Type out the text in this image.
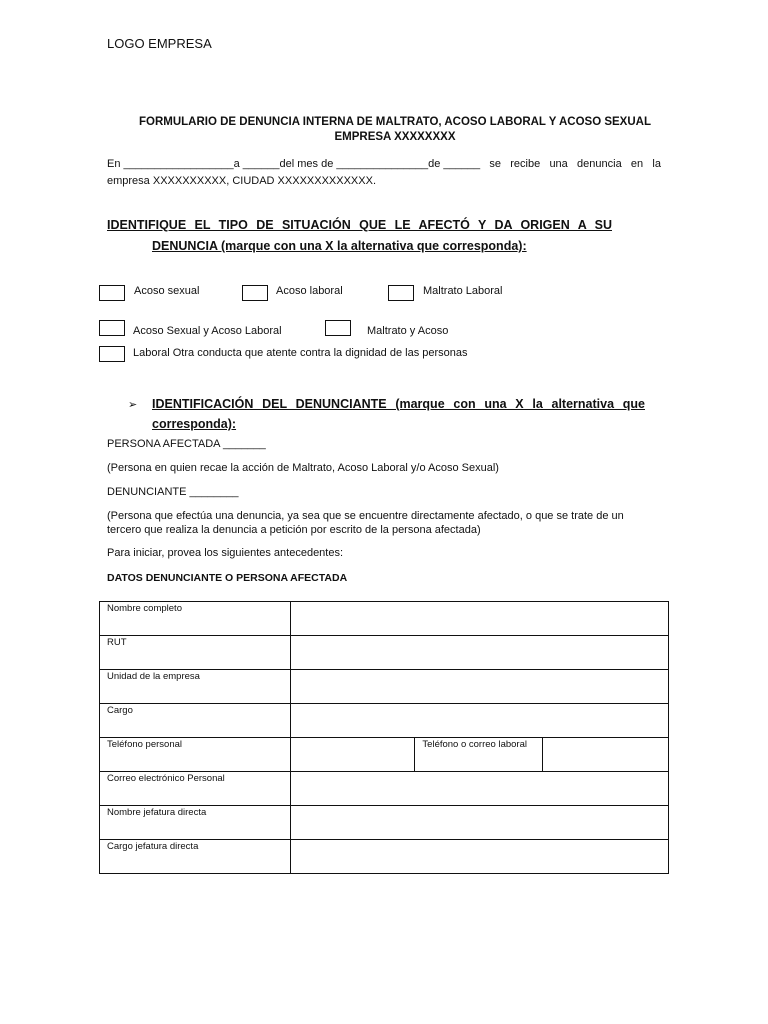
LOGO EMPRESA
FORMULARIO DE DENUNCIA INTERNA DE MALTRATO, ACOSO LABORAL Y ACOSO SEXUAL
EMPRESA XXXXXXXX
En __________________a ______del mes de _______________de ______ se recibe una denuncia en la
empresa XXXXXXXXXX, CIUDAD XXXXXXXXXXXXX.
IDENTIFIQUE EL TIPO DE SITUACIÓN QUE LE AFECTÓ Y DA ORIGEN A SU
DENUNCIA (marque con una X la alternativa que corresponda):
Acoso sexual	Acoso laboral	Maltrato Laboral
Acoso Sexual y Acoso Laboral	Maltrato y Acoso
Laboral Otra conducta que atente contra la dignidad de las personas
➢ IDENTIFICACIÓN DEL DENUNCIANTE (marque con una X la alternativa que
corresponda):
PERSONA AFECTADA _______
(Persona en quien recae la acción de Maltrato, Acoso Laboral y/o Acoso Sexual)
DENUNCIANTE ________
(Persona que efectúa una denuncia, ya sea que se encuentre directamente afectado, o que se trate de un
tercero que realiza la denuncia a petición por escrito de la persona afectada)
Para iniciar, provea los siguientes antecedentes:
DATOS DENUNCIANTE O PERSONA AFECTADA
Nombre completo			
RUT			
Unidad de la empresa			
Cargo			
Teléfono personal		Teléfono o correo laboral	
Correo electrónico Personal			
Nombre jefatura directa			
Cargo jefatura directa			
